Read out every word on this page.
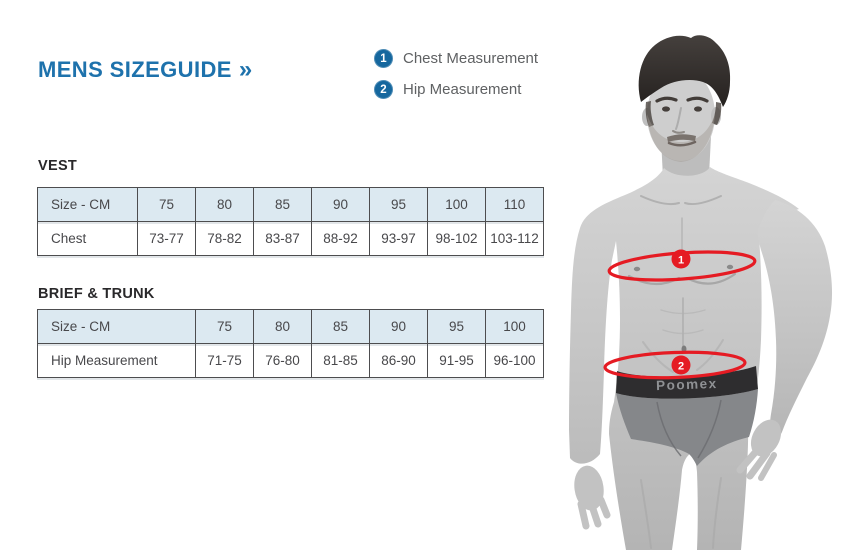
MENS SIZEGUIDE »	1	Chest Measurement
2	Hip Measurement
VEST
Size - CM	75	80	85	90	95	100	110
Chest	73-77	78-82	83-87	88-92	93-97	98-102	103-112
BRIEF & TRUNK
Size - CM	75	80	85	90	95	100
Hip Measurement	71-75	76-80	81-85	86-90	91-95	96-100
Poomex
1
2
